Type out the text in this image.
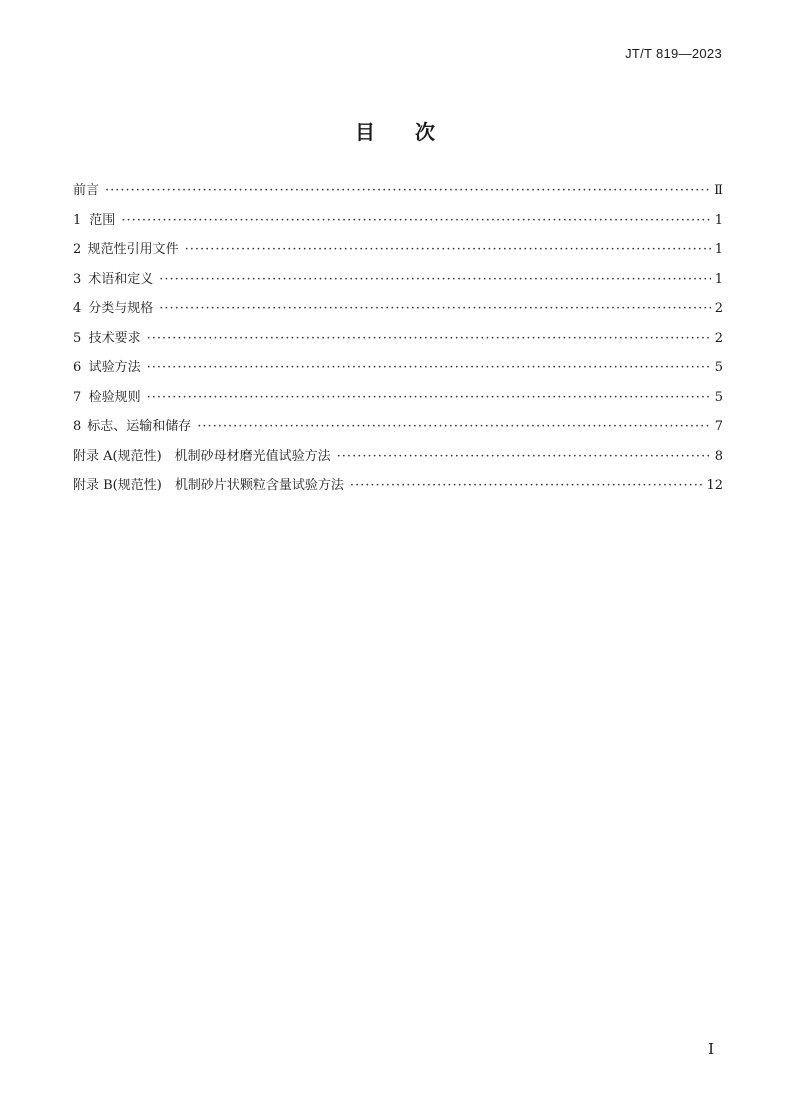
JT/T 819—2023
目次
前言 ·····	Ⅱ
1 范围 ·····	1
2 规范性引用文件 ·····	1
3 术语和定义 ·····	1
4 分类与规格 ·····	2
5 技术要求 ·····	2
6 试验方法 ·····	5
7 检验规则 ·····	5
8 标志、运输和储存 ·····	7
附录 A(规范性)　机制砂母材磨光值试验方法 ·····	8
附录 B(规范性)　机制砂片状颗粒含量试验方法 ·····	12
I
